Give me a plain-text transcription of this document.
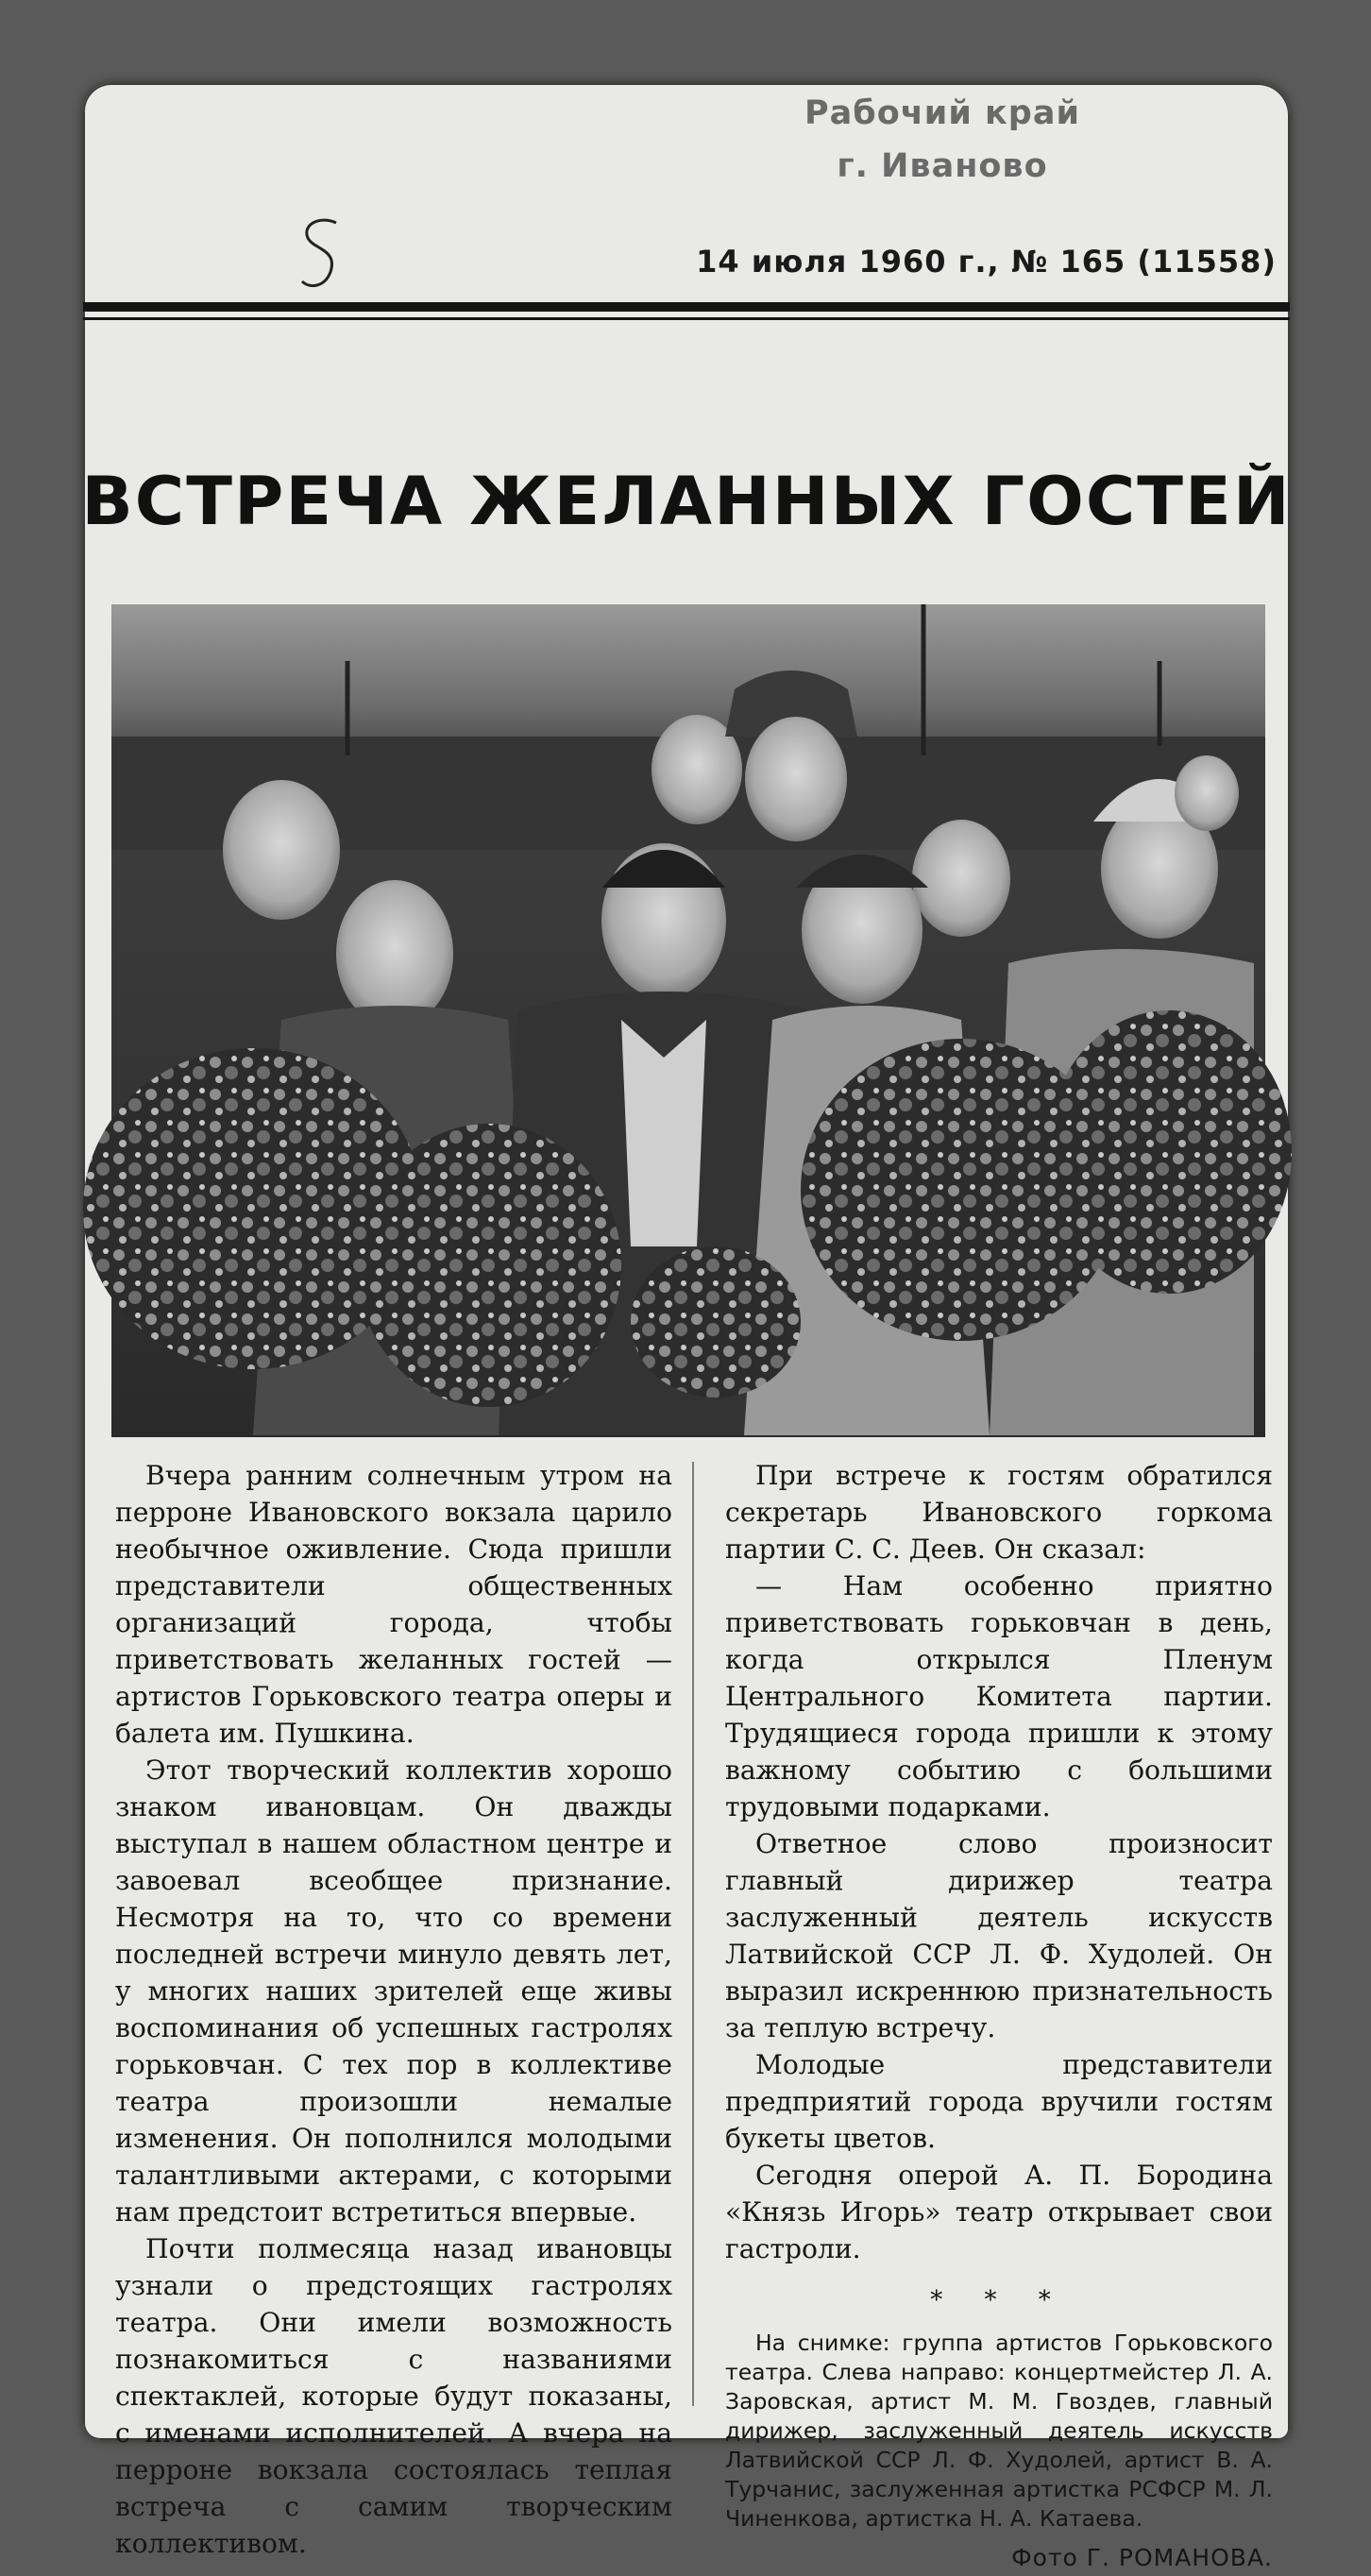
Рабочий край
г. Иваново
14 июля 1960 г., № 165 (11558)
ВСТРЕЧА ЖЕЛАННЫХ ГОСТЕЙ

Вчера ранним солнечным утром на перроне Ивановского вокзала царило необычное оживление. Сюда пришли представители общественных организаций города, чтобы приветствовать желанных гостей — артистов Горьковского театра оперы и балета им. Пушкина.

Этот творческий коллектив хорошо знаком ивановцам. Он дважды выступал в нашем областном центре и завоевал всеобщее признание. Несмотря на то, что со времени последней встречи минуло девять лет, у многих наших зрителей еще живы воспоминания об успешных гастролях горьковчан. С тех пор в коллективе театра произошли немалые изменения. Он пополнился молодыми талантливыми актерами, с которыми нам предстоит встретиться впервые.

Почти полмесяца назад ивановцы узнали о предстоящих гастролях театра. Они имели возможность познакомиться с названиями спектаклей, которые будут показаны, с именами исполнителей. А вчера на перроне вокзала состоялась теплая встреча с самим творческим коллективом.

При встрече к гостям обратился секретарь Ивановского горкома партии С. С. Деев. Он сказал:

— Нам особенно приятно приветствовать горьковчан в день, когда открылся Пленум Центрального Комитета партии. Трудящиеся города пришли к этому важному событию с большими трудовыми подарками.

Ответное слово произносит главный дирижер театра заслуженный деятель искусств Латвийской ССР Л. Ф. Худолей. Он выразил искреннюю признательность за теплую встречу.

Молодые представители предприятий города вручили гостям букеты цветов.

Сегодня оперой А. П. Бородина «Князь Игорь» театр открывает свои гастроли.

* * *

На снимке: группа артистов Горьковского театра. Слева направо: концертмейстер Л. А. Заровская, артист М. М. Гвоздев, главный дирижер, заслуженный деятель искусств Латвийской ССР Л. Ф. Худолей, артист В. А. Турчанис, заслуженная артистка РСФСР М. Л. Чиненкова, артистка Н. А. Катаева.

Фото Г. РОМАНОВА.
